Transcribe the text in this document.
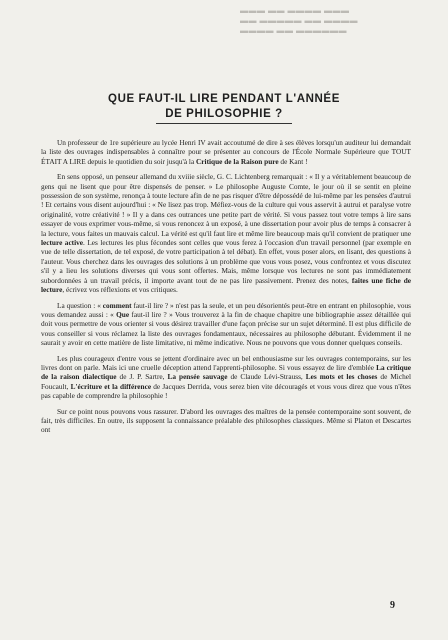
▬▬▬ ▬▬ ▬▬▬▬ ▬▬▬
▬▬ ▬▬▬▬▬ ▬▬ ▬▬▬▬
▬▬▬▬ ▬▬ ▬▬▬▬▬▬
QUE FAUT-IL LIRE PENDANT L'ANNÉE
DE PHILOSOPHIE ?

Un professeur de 1re supérieure au lycée Henri IV avait accoutumé de dire à ses élèves lorsqu'un auditeur lui demandait la liste des ouvrages indispensables à connaître pour se présenter au concours de l'École Normale Supérieure que TOUT ÉTAIT A LIRE depuis le quotidien du soir jusqu'à la Critique de la Raison pure de Kant !

En sens opposé, un penseur allemand du xviiie siècle, G. C. Lichtenberg remarquait : « Il y a véritablement beaucoup de gens qui ne lisent que pour être dispensés de penser. » Le philosophe Auguste Comte, le jour où il se sentit en pleine possession de son système, renonça à toute lecture afin de ne pas risquer d'être dépossédé de lui-même par les pensées d'autrui ! Et certains vous disent aujourd'hui : « Ne lisez pas trop. Méfiez-vous de la culture qui vous asservit à autrui et paralyse votre originalité, votre créativité ! » Il y a dans ces outrances une petite part de vérité. Si vous passez tout votre temps à lire sans essayer de vous exprimer vous-même, si vous renoncez à un exposé, à une dissertation pour avoir plus de temps à consacrer à la lecture, vous faites un mauvais calcul. La vérité est qu'il faut lire et même lire beaucoup mais qu'il convient de pratiquer une lecture active. Les lectures les plus fécondes sont celles que vous ferez à l'occasion d'un travail personnel (par exemple en vue de telle dissertation, de tel exposé, de votre participation à tel débat). En effet, vous poser alors, en lisant, des questions à l'auteur. Vous cherchez dans les ouvrages des solutions à un problème que vous vous posez, vous confrontez et vous discutez s'il y a lieu les solutions diverses qui vous sont offertes. Mais, même lorsque vos lectures ne sont pas immédiatement subordonnées à un travail précis, il importe avant tout de ne pas lire passivement. Prenez des notes, faites une fiche de lecture, écrivez vos réflexions et vos critiques.

La question : « comment faut-il lire ? » n'est pas la seule, et un peu désorientés peut-être en entrant en philosophie, vous vous demandez aussi : « Que faut-il lire ? » Vous trouverez à la fin de chaque chapitre une bibliographie assez détaillée qui doit vous permettre de vous orienter si vous désirez travailler d'une façon précise sur un sujet déterminé. Il est plus difficile de vous conseiller si vous réclamez la liste des ouvrages fondamentaux, nécessaires au philosophe débutant. Évidemment il ne saurait y avoir en cette matière de liste limitative, ni même indicative. Nous ne pouvons que vous donner quelques conseils.

Les plus courageux d'entre vous se jettent d'ordinaire avec un bel enthousiasme sur les ouvrages contemporains, sur les livres dont on parle. Mais ici une cruelle déception attend l'apprenti-philosophe. Si vous essayez de lire d'emblée La critique de la raison dialectique de J. P. Sartre, La pensée sauvage de Claude Lévi-Strauss, Les mots et les choses de Michel Foucault, L'écriture et la différence de Jacques Derrida, vous serez bien vite découragés et vous vous direz que vous n'êtes pas capable de comprendre la philosophie !

Sur ce point nous pouvons vous rassurer. D'abord les ouvrages des maîtres de la pensée contemporaine sont souvent, de fait, très difficiles. En outre, ils supposent la connaissance préalable des philosophes classiques. Même si Platon et Descartes ont

9
